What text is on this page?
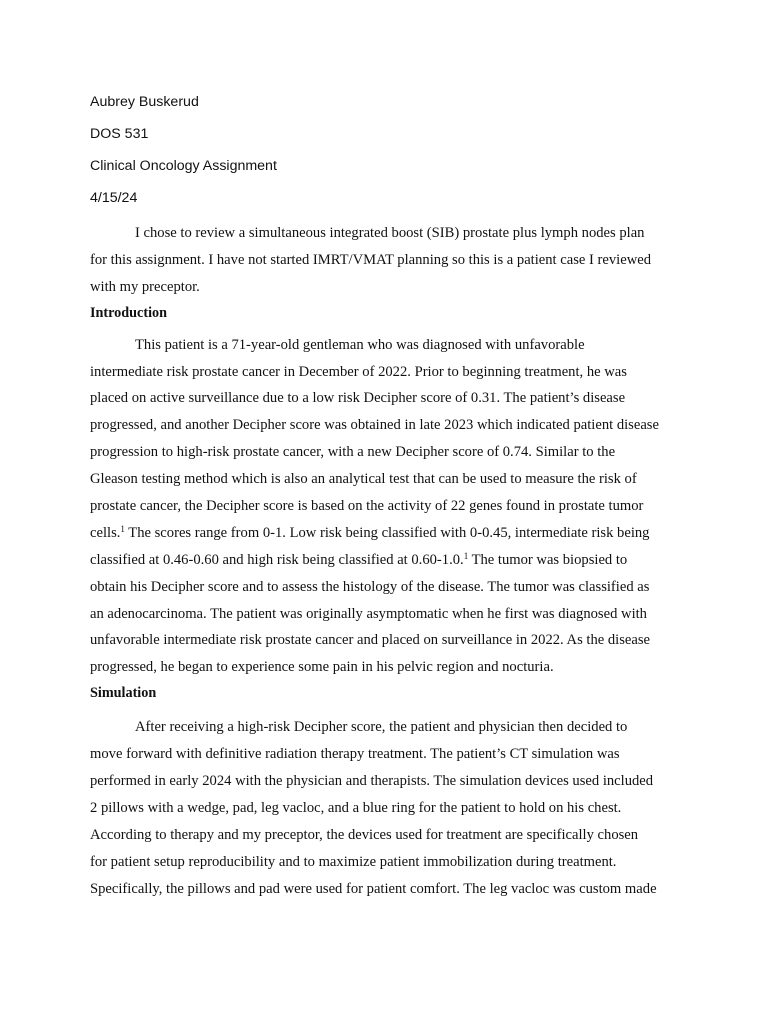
Aubrey Buskerud
DOS 531
Clinical Oncology Assignment
4/15/24

I chose to review a simultaneous integrated boost (SIB) prostate plus lymph nodes plan
for this assignment. I have not started IMRT/VMAT planning so this is a patient case I reviewed
with my preceptor.

Introduction

This patient is a 71-year-old gentleman who was diagnosed with unfavorable
intermediate risk prostate cancer in December of 2022. Prior to beginning treatment, he was
placed on active surveillance due to a low risk Decipher score of 0.31. The patient’s disease
progressed, and another Decipher score was obtained in late 2023 which indicated patient disease
progression to high-risk prostate cancer, with a new Decipher score of 0.74. Similar to the
Gleason testing method which is also an analytical test that can be used to measure the risk of
prostate cancer, the Decipher score is based on the activity of 22 genes found in prostate tumor
cells.$^1$ The scores range from 0-1. Low risk being classified with 0-0.45, intermediate risk being
classified at 0.46-0.60 and high risk being classified at 0.60-1.0.$^1$ The tumor was biopsied to
obtain his Decipher score and to assess the histology of the disease. The tumor was classified as
an adenocarcinoma. The patient was originally asymptomatic when he first was diagnosed with
unfavorable intermediate risk prostate cancer and placed on surveillance in 2022. As the disease
progressed, he began to experience some pain in his pelvic region and nocturia.

Simulation

After receiving a high-risk Decipher score, the patient and physician then decided to
move forward with definitive radiation therapy treatment. The patient’s CT simulation was
performed in early 2024 with the physician and therapists. The simulation devices used included
2 pillows with a wedge, pad, leg vacloc, and a blue ring for the patient to hold on his chest.
According to therapy and my preceptor, the devices used for treatment are specifically chosen
for patient setup reproducibility and to maximize patient immobilization during treatment.
Specifically, the pillows and pad were used for patient comfort. The leg vacloc was custom made
